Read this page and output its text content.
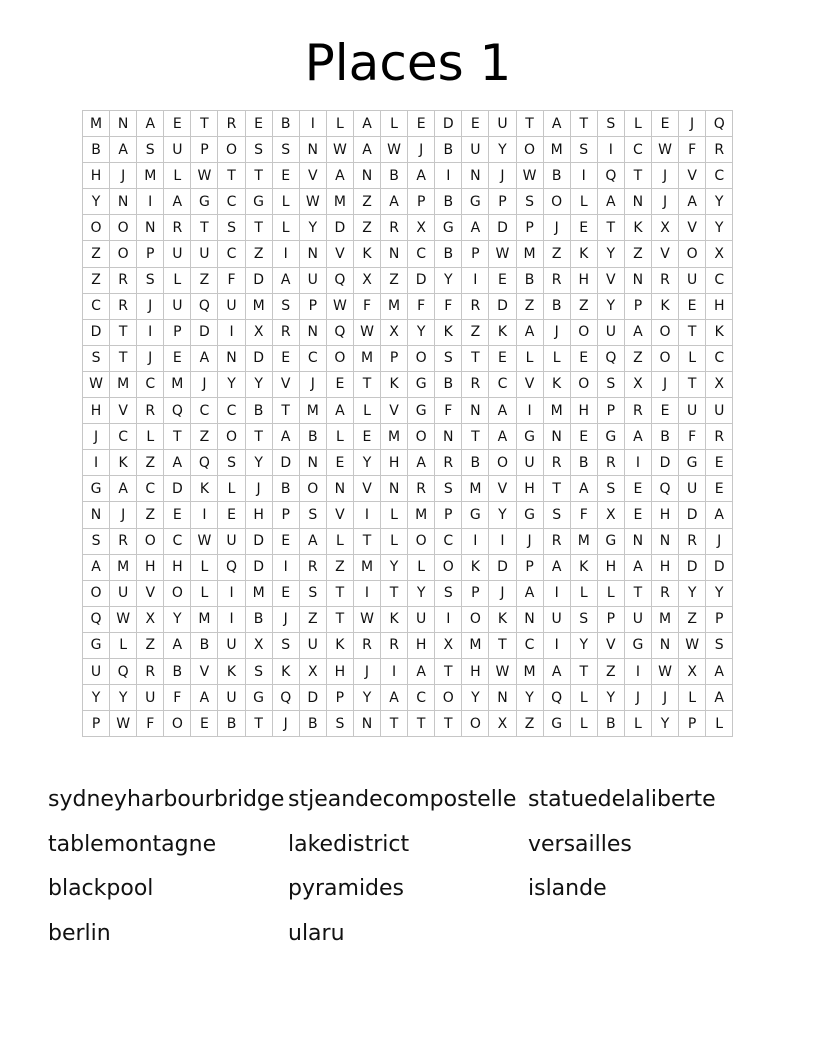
Places 1
M	N	A	E	T	R	E	B	I	L	A	L	E	D	E	U	T	A	T	S	L	E	J	Q
B	A	S	U	P	O	S	S	N	W	A	W	J	B	U	Y	O	M	S	I	C	W	F	R
H	J	M	L	W	T	T	E	V	A	N	B	A	I	N	J	W	B	I	Q	T	J	V	C
Y	N	I	A	G	C	G	L	W	M	Z	A	P	B	G	P	S	O	L	A	N	J	A	Y
O	O	N	R	T	S	T	L	Y	D	Z	R	X	G	A	D	P	J	E	T	K	X	V	Y
Z	O	P	U	U	C	Z	I	N	V	K	N	C	B	P	W	M	Z	K	Y	Z	V	O	X
Z	R	S	L	Z	F	D	A	U	Q	X	Z	D	Y	I	E	B	R	H	V	N	R	U	C
C	R	J	U	Q	U	M	S	P	W	F	M	F	F	R	D	Z	B	Z	Y	P	K	E	H
D	T	I	P	D	I	X	R	N	Q	W	X	Y	K	Z	K	A	J	O	U	A	O	T	K
S	T	J	E	A	N	D	E	C	O	M	P	O	S	T	E	L	L	E	Q	Z	O	L	C
W	M	C	M	J	Y	Y	V	J	E	T	K	G	B	R	C	V	K	O	S	X	J	T	X
H	V	R	Q	C	C	B	T	M	A	L	V	G	F	N	A	I	M	H	P	R	E	U	U
J	C	L	T	Z	O	T	A	B	L	E	M	O	N	T	A	G	N	E	G	A	B	F	R
I	K	Z	A	Q	S	Y	D	N	E	Y	H	A	R	B	O	U	R	B	R	I	D	G	E
G	A	C	D	K	L	J	B	O	N	V	N	R	S	M	V	H	T	A	S	E	Q	U	E
N	J	Z	E	I	E	H	P	S	V	I	L	M	P	G	Y	G	S	F	X	E	H	D	A
S	R	O	C	W	U	D	E	A	L	T	L	O	C	I	I	J	R	M	G	N	N	R	J
A	M	H	H	L	Q	D	I	R	Z	M	Y	L	O	K	D	P	A	K	H	A	H	D	D
O	U	V	O	L	I	M	E	S	T	I	T	Y	S	P	J	A	I	L	L	T	R	Y	Y
Q	W	X	Y	M	I	B	J	Z	T	W	K	U	I	O	K	N	U	S	P	U	M	Z	P
G	L	Z	A	B	U	X	S	U	K	R	R	H	X	M	T	C	I	Y	V	G	N	W	S
U	Q	R	B	V	K	S	K	X	H	J	I	A	T	H	W	M	A	T	Z	I	W	X	A
Y	Y	U	F	A	U	G	Q	D	P	Y	A	C	O	Y	N	Y	Q	L	Y	J	J	L	A
P	W	F	O	E	B	T	J	B	S	N	T	T	T	O	X	Z	G	L	B	L	Y	P	L
sydneyharbourbridge stjeandecompostelle statuedelaliberte
tablemontagne	lakedistrict	versailles
blackpool	pyramides	islande
berlin	ularu
